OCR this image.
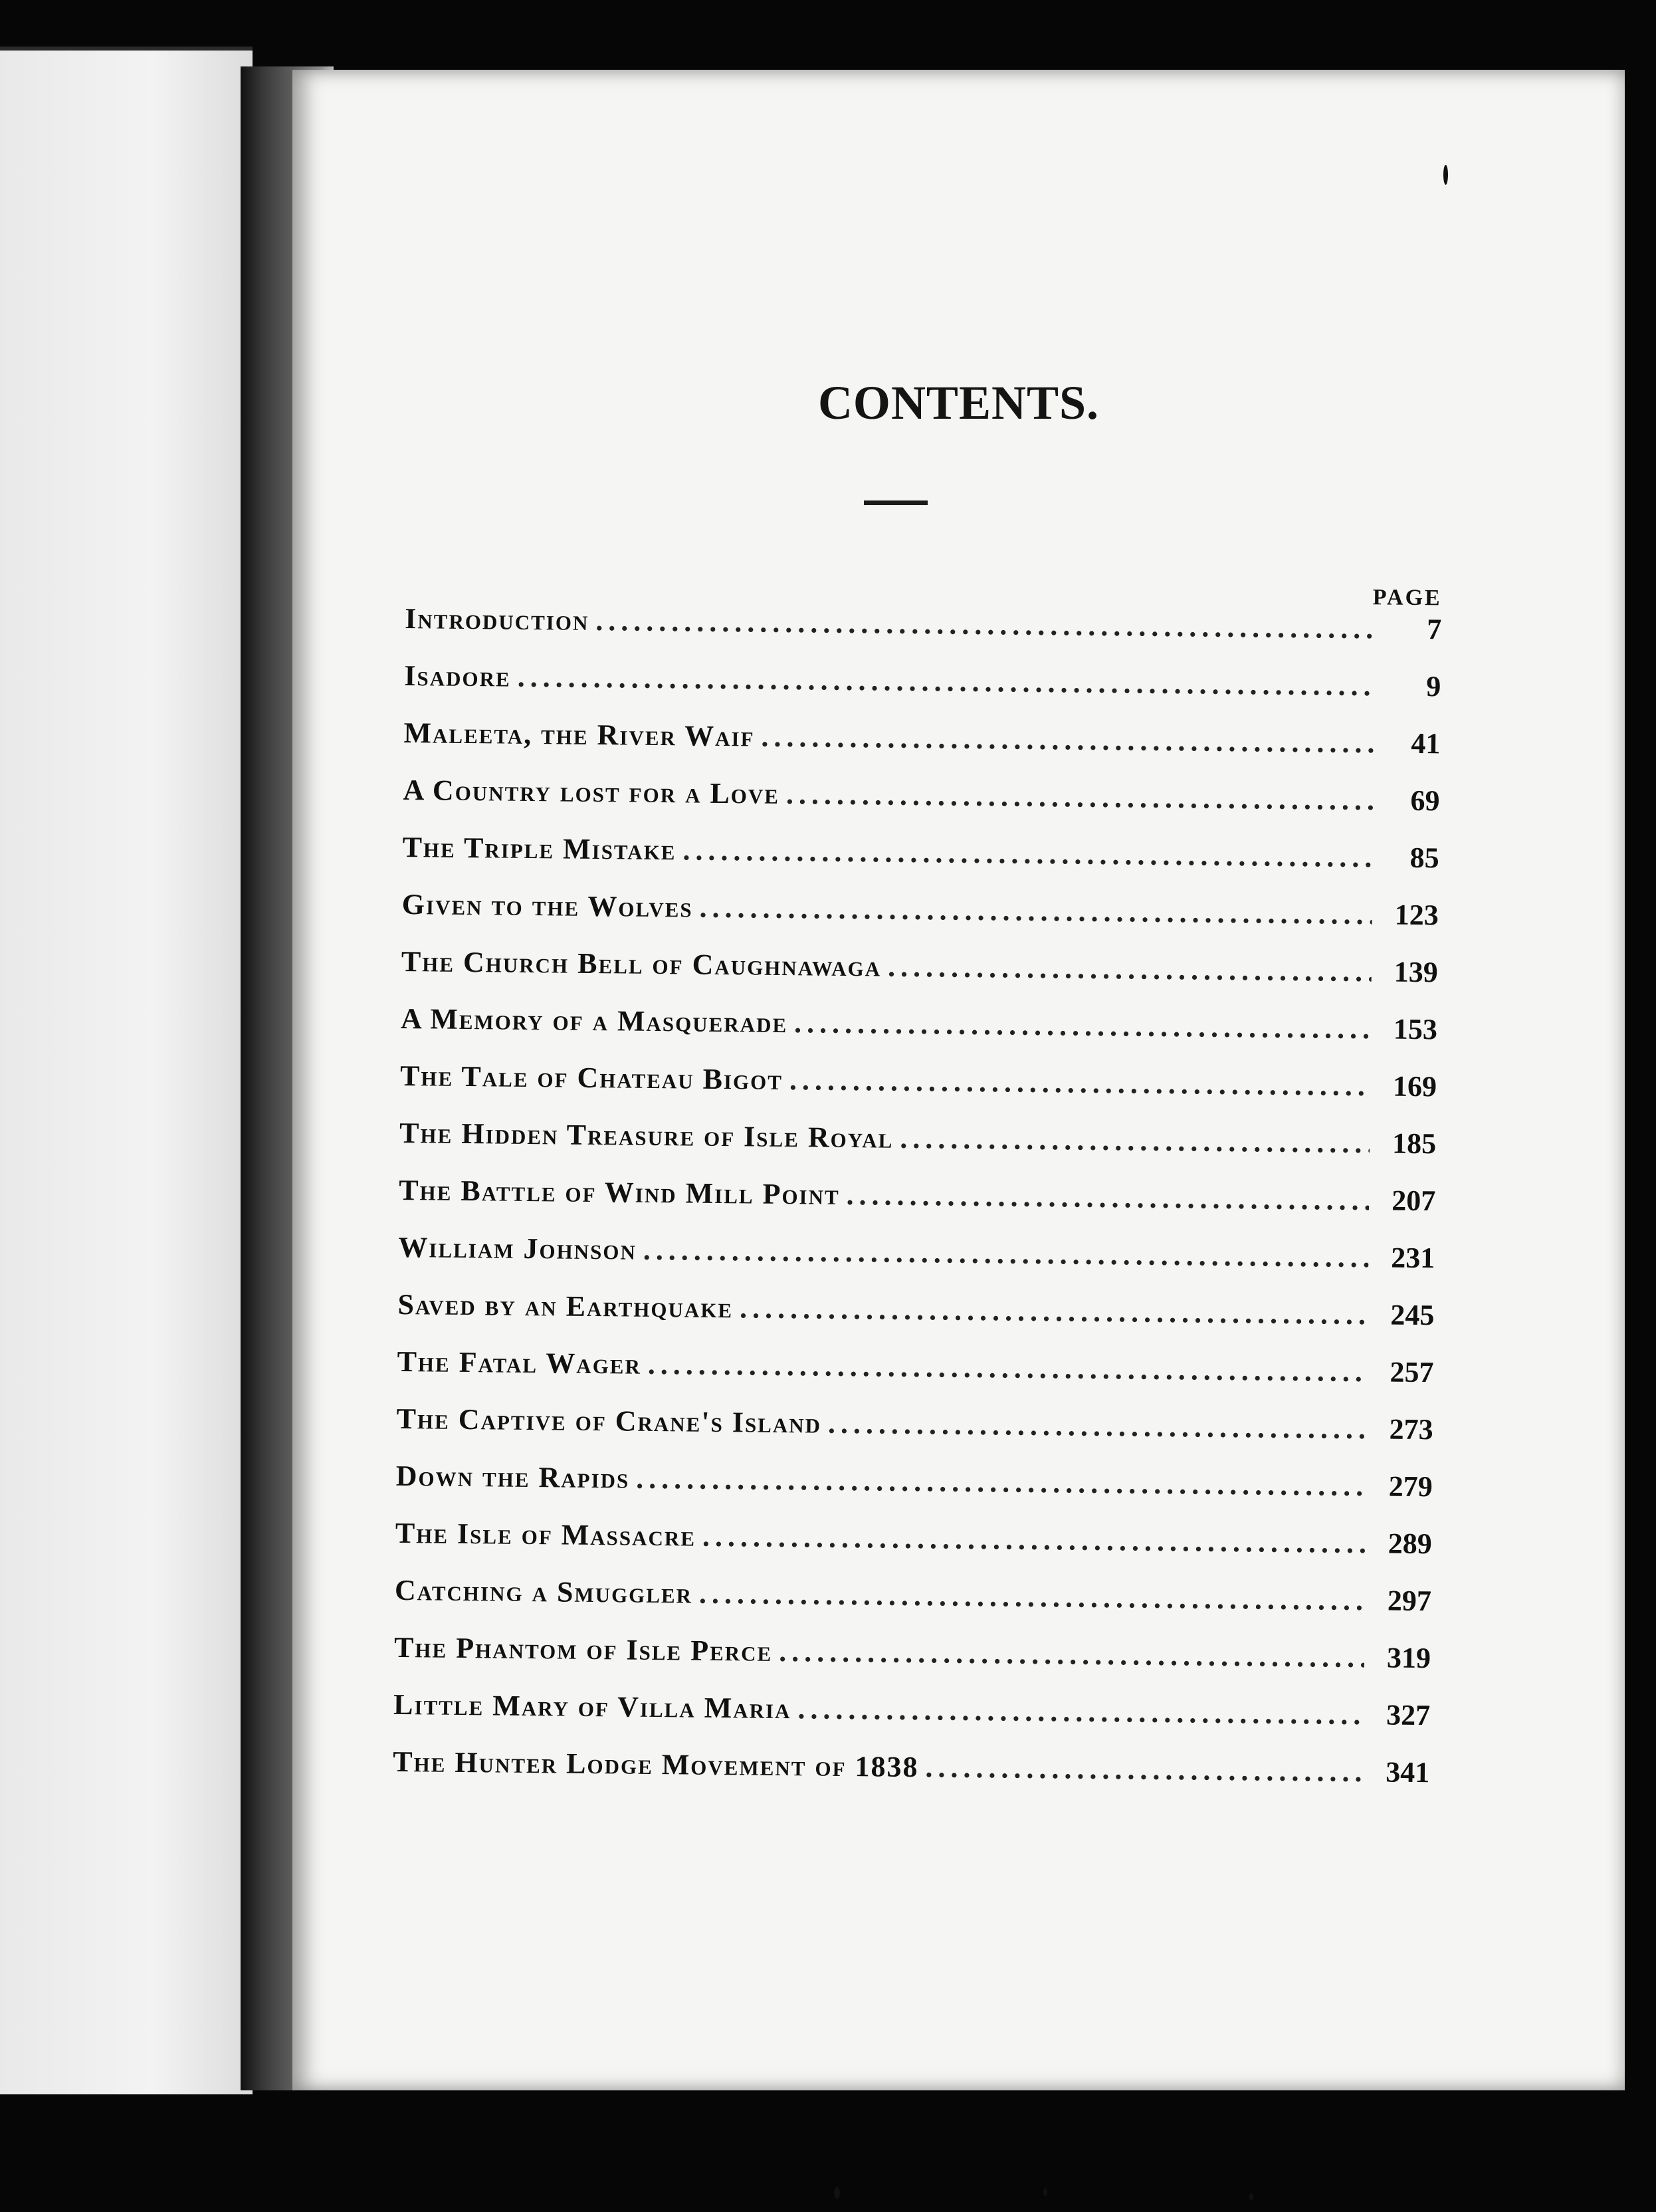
CONTENTS.
PAGE
Introduction .....	7
Isadore .....	9
Maleeta, the River Waif .....	41
A Country lost for a Love .....	69
The Triple Mistake .....	85
Given to the Wolves .....	123
The Church Bell of Caughnawaga .....	139
A Memory of a Masquerade .....	153
The Tale of Chateau Bigot .....	169
The Hidden Treasure of Isle Royal .....	185
The Battle of Wind Mill Point .....	207
William Johnson .....	231
Saved by an Earthquake .....	245
The Fatal Wager .....	257
The Captive of Crane's Island .....	273
Down the Rapids .....	279
The Isle of Massacre .....	289
Catching a Smuggler .....	297
The Phantom of Isle Perce .....	319
Little Mary of Villa Maria .....	327
The Hunter Lodge Movement of 1838 .....	341
